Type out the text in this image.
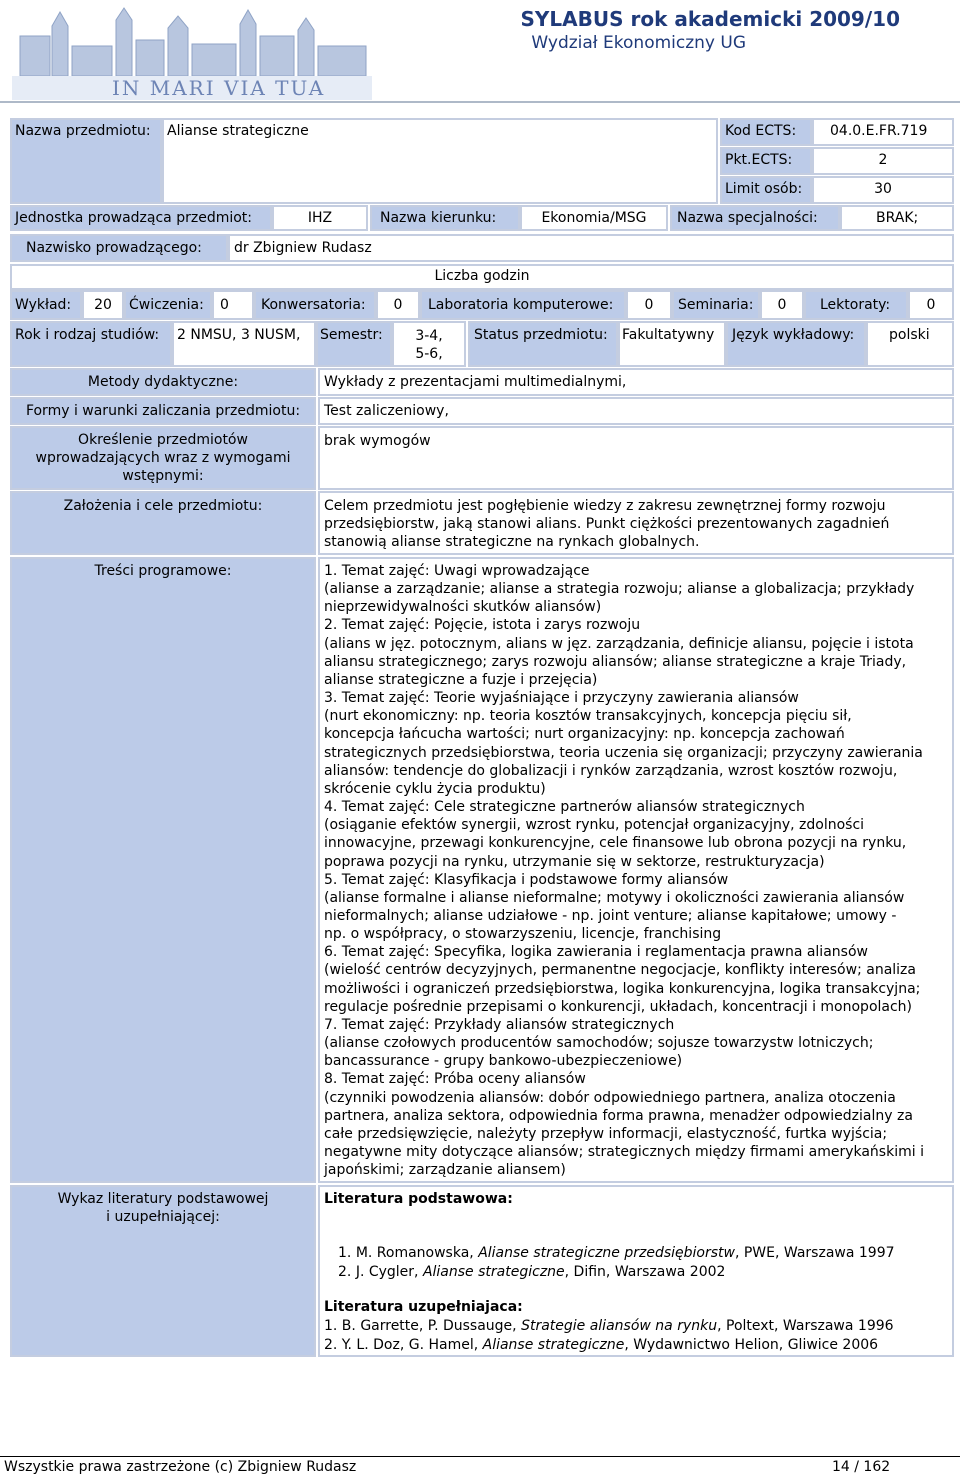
IN MARI VIA TUA
SYLABUS rok akademicki 2009/10
Wydział Ekonomiczny UG
Nazwa przedmiotu: Alianse strategiczne	Kod ECTS: 04.0.E.FR.719
Pkt.ECTS:	2
Limit osób:	30
Jednostka prowadząca przedmiot:	IHZ	Nazwa kierunku:	Ekonomia/MSG	Nazwa specjalności:	BRAK;
Nazwisko prowadzącego: dr Zbigniew Rudasz
Liczba godzin
Wykład:	20	Ćwiczenia: 0 Konwersatoria:	0	Laboratoria komputerowe:	0	Seminaria:	0	Lektoraty:	0
Rok i rodzaj studiów: 2 NMSU, 3 NUSM, Semestr:	3-4,
5-6,
Status przedmiotu: Fakultatywny Język wykładowy: polski
Metody dydaktyczne:	Wykłady z prezentacjami multimedialnymi,
Formy i warunki zaliczania przedmiotu:	Test zaliczeniowy,
Określenie przedmiotów
wprowadzających wraz z wymogami
wstępnymi:
brak wymogów
Założenia i cele przedmiotu:	Celem przedmiotu jest pogłębienie wiedzy z zakresu zewnętrznej formy rozwoju
przedsiębiorstw, jaką stanowi alians. Punkt ciężkości prezentowanych zagadnień
stanowią alianse strategiczne na rynkach globalnych.
Treści programowe:	1. Temat zajęć: Uwagi wprowadzające
(alianse a zarządzanie; alianse a strategia rozwoju; alianse a globalizacja; przykłady
nieprzewidywalności skutków aliansów)
2. Temat zajęć: Pojęcie, istota i zarys rozwoju
(alians w jęz. potocznym, alians w jęz. zarządzania, definicje aliansu, pojęcie i istota
aliansu strategicznego; zarys rozwoju aliansów; alianse strategiczne a kraje Triady,
alianse strategiczne a fuzje i przejęcia)
3. Temat zajęć: Teorie wyjaśniające i przyczyny zawierania aliansów
(nurt ekonomiczny: np. teoria kosztów transakcyjnych, koncepcja pięciu sił,
koncepcja łańcucha wartości; nurt organizacyjny: np. koncepcja zachowań
strategicznych przedsiębiorstwa, teoria uczenia się organizacji; przyczyny zawierania
aliansów: tendencje do globalizacji i rynków zarządzania, wzrost kosztów rozwoju,
skrócenie cyklu życia produktu)
4. Temat zajęć: Cele strategiczne partnerów aliansów strategicznych
(osiąganie efektów synergii, wzrost rynku, potencjał organizacyjny, zdolności
innowacyjne, przewagi konkurencyjne, cele finansowe lub obrona pozycji na rynku,
poprawa pozycji na rynku, utrzymanie się w sektorze, restrukturyzacja)
5. Temat zajęć: Klasyfikacja i podstawowe formy aliansów
(alianse formalne i alianse nieformalne; motywy i okoliczności zawierania aliansów
nieformalnych; alianse udziałowe - np. joint venture; alianse kapitałowe; umowy -
np. o współpracy, o stowarzyszeniu, licencje, franchising
6. Temat zajęć: Specyfika, logika zawierania i reglamentacja prawna aliansów
(wielość centrów decyzyjnych, permanentne negocjacje, konflikty interesów; analiza
możliwości i ograniczeń przedsiębiorstwa, logika konkurencyjna, logika transakcyjna;
regulacje pośrednie przepisami o konkurencji, układach, koncentracji i monopolach)
7. Temat zajęć: Przykłady aliansów strategicznych
(alianse czołowych producentów samochodów; sojusze towarzystw lotniczych;
bancassurance - grupy bankowo-ubezpieczeniowe)
8. Temat zajęć: Próba oceny aliansów
(czynniki powodzenia aliansów: dobór odpowiedniego partnera, analiza otoczenia
partnera, analiza sektora, odpowiednia forma prawna, menadżer odpowiedzialny za
całe przedsięwzięcie, należyty przepływ informacji, elastyczność, furtka wyjścia;
negatywne mity dotyczące aliansów; strategicznych między firmami amerykańskimi i
japońskimi; zarządzanie aliansem)
Wykaz literatury podstawowej
i uzupełniającej:
Literatura podstawowa:
1. M. Romanowska, Alianse strategiczne przedsiębiorstw, PWE, Warszawa 1997
2. J. Cygler, Alianse strategiczne, Difin, Warszawa 2002
Literatura uzupełniajaca:
1. B. Garrette, P. Dussauge, Strategie aliansów na rynku, Poltext, Warszawa 1996
2. Y. L. Doz, G. Hamel, Alianse strategiczne, Wydawnictwo Helion, Gliwice 2006
Wszystkie prawa zastrzeżone (c) Zbigniew Rudasz	14 / 162
